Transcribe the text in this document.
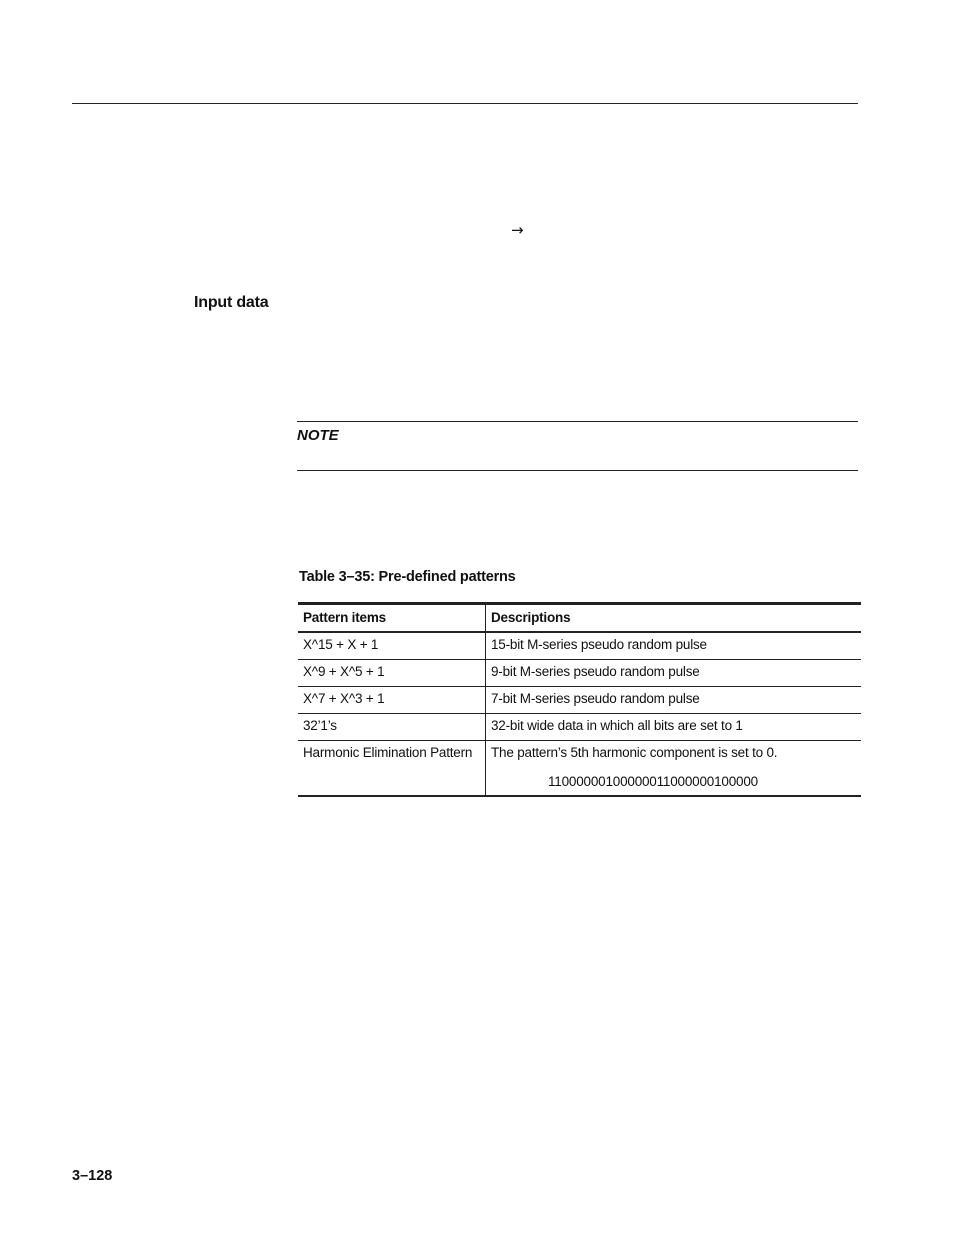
→
Input data
NOTE
Table 3–35: Pre-defined patterns
Pattern items	Descriptions
X^15 + X + 1	15-bit M-series pseudo random pulse
X^9 + X^5 + 1	9-bit M-series pseudo random pulse
X^7 + X^3 + 1	7-bit M-series pseudo random pulse
32’1’s	32-bit wide data in which all bits are set to 1
Harmonic Elimination Pattern	The pattern’s 5th harmonic component is set to 0.
11000000100000011000000100000
3–128
